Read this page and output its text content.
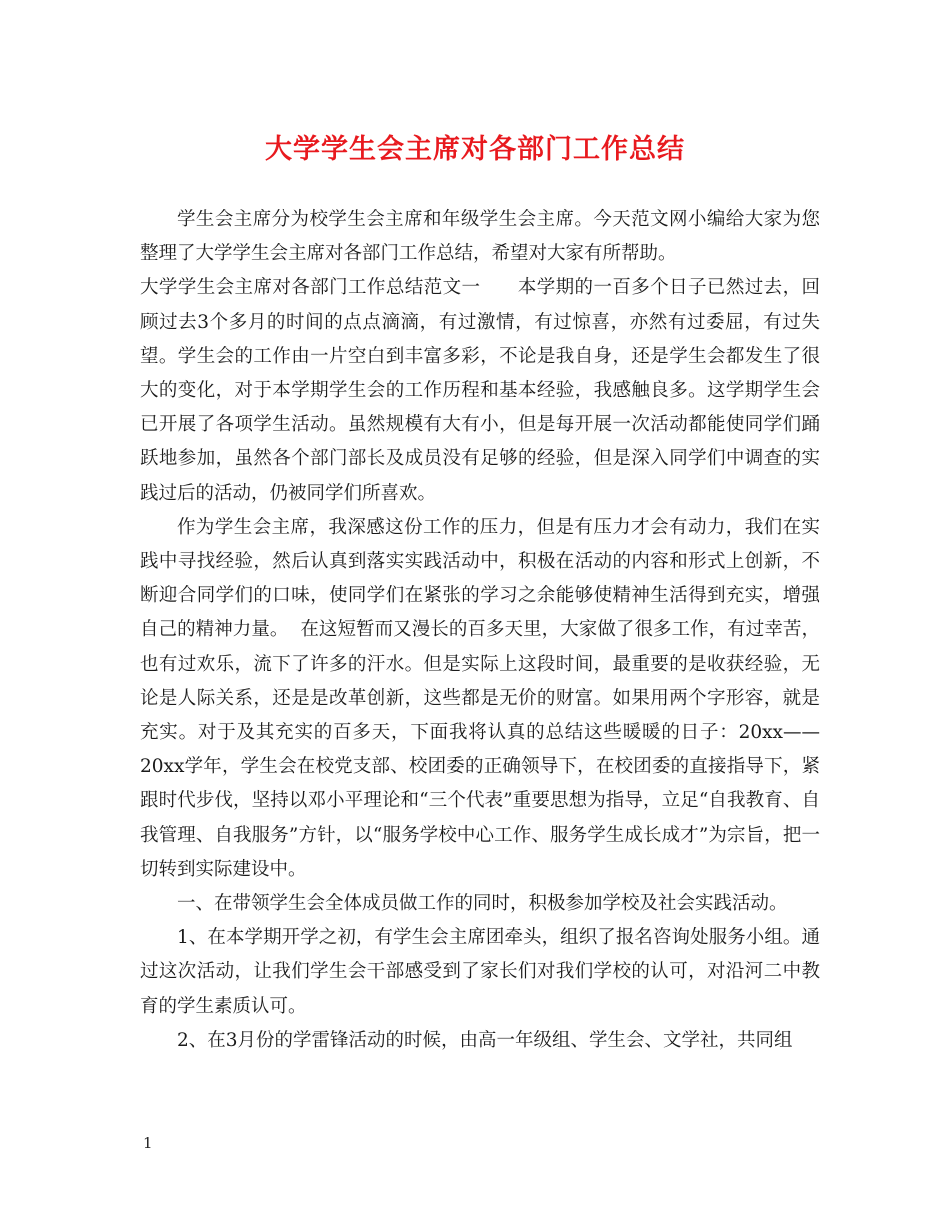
大学学生会主席对各部门工作总结

学生会主席分为校学生会主席和年级学生会主席。今天范文网小编给大家为您整理了大学学生会主席对各部门工作总结，希望对大家有所帮助。

大学学生会主席对各部门工作总结范文一 本学期的一百多个日子已然过去，回顾过去3个多月的时间的点点滴滴，有过激情，有过惊喜，亦然有过委屈，有过失望。学生会的工作由一片空白到丰富多彩，不论是我自身，还是学生会都发生了很大的变化，对于本学期学生会的工作历程和基本经验，我感触良多。这学期学生会已开展了各项学生活动。虽然规模有大有小，但是每开展一次活动都能使同学们踊跃地参加，虽然各个部门部长及成员没有足够的经验，但是深入同学们中调查的实践过后的活动，仍被同学们所喜欢。

作为学生会主席，我深感这份工作的压力，但是有压力才会有动力，我们在实践中寻找经验，然后认真到落实实践活动中，积极在活动的内容和形式上创新，不断迎合同学们的口味，使同学们在紧张的学习之余能够使精神生活得到充实，增强自己的精神力量。 在这短暂而又漫长的百多天里，大家做了很多工作，有过幸苦，也有过欢乐，流下了许多的汗水。但是实际上这段时间，最重要的是收获经验，无论是人际关系，还是是改革创新，这些都是无价的财富。如果用两个字形容，就是充实。对于及其充实的百多天，下面我将认真的总结这些暖暖的日子：20xx——20xx学年，学生会在校党支部、校团委的正确领导下，在校团委的直接指导下，紧跟时代步伐，坚持以邓小平理论和“三个代表”重要思想为指导，立足“自我教育、自我管理、自我服务”方针，以“服务学校中心工作、服务学生成长成才”为宗旨，把一切转到实际建设中。

一、在带领学生会全体成员做工作的同时，积极参加学校及社会实践活动。

1、在本学期开学之初，有学生会主席团牵头，组织了报名咨询处服务小组。通过这次活动，让我们学生会干部感受到了家长们对我们学校的认可，对沿河二中教育的学生素质认可。

2、在3月份的学雷锋活动的时候，由高一年级组、学生会、文学社，共同组

1
